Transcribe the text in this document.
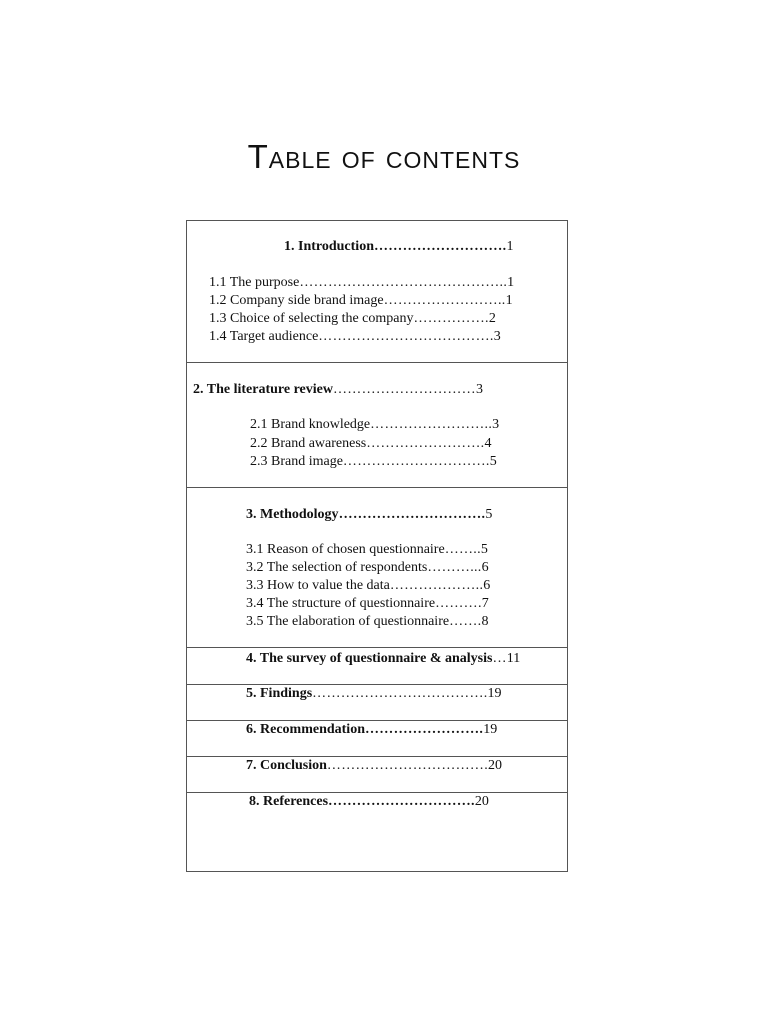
Table of contents
1. Introduction……………………….1
1.1 The purpose……………………………………..1
1.2 Company side brand image……………………..1
1.3 Choice of selecting the company…………….2
1.4 Target audience……………………………….3
2. The literature review…………………………3
2.1 Brand knowledge……………………..3
2.2 Brand awareness…………………….4
2.3 Brand image………………………….5
3. Methodology………………………….5
3.1 Reason of chosen questionnaire……..5
3.2 The selection of respondents………...6
3.3 How to value the data………………..6
3.4 The structure of questionnaire……….7
3.5 The elaboration of questionnaire…….8
4. The survey of questionnaire & analysis…11
5. Findings……………………………….19
6. Recommendation…………………….19
7. Conclusion…………………………….20
8. References………………………….20
